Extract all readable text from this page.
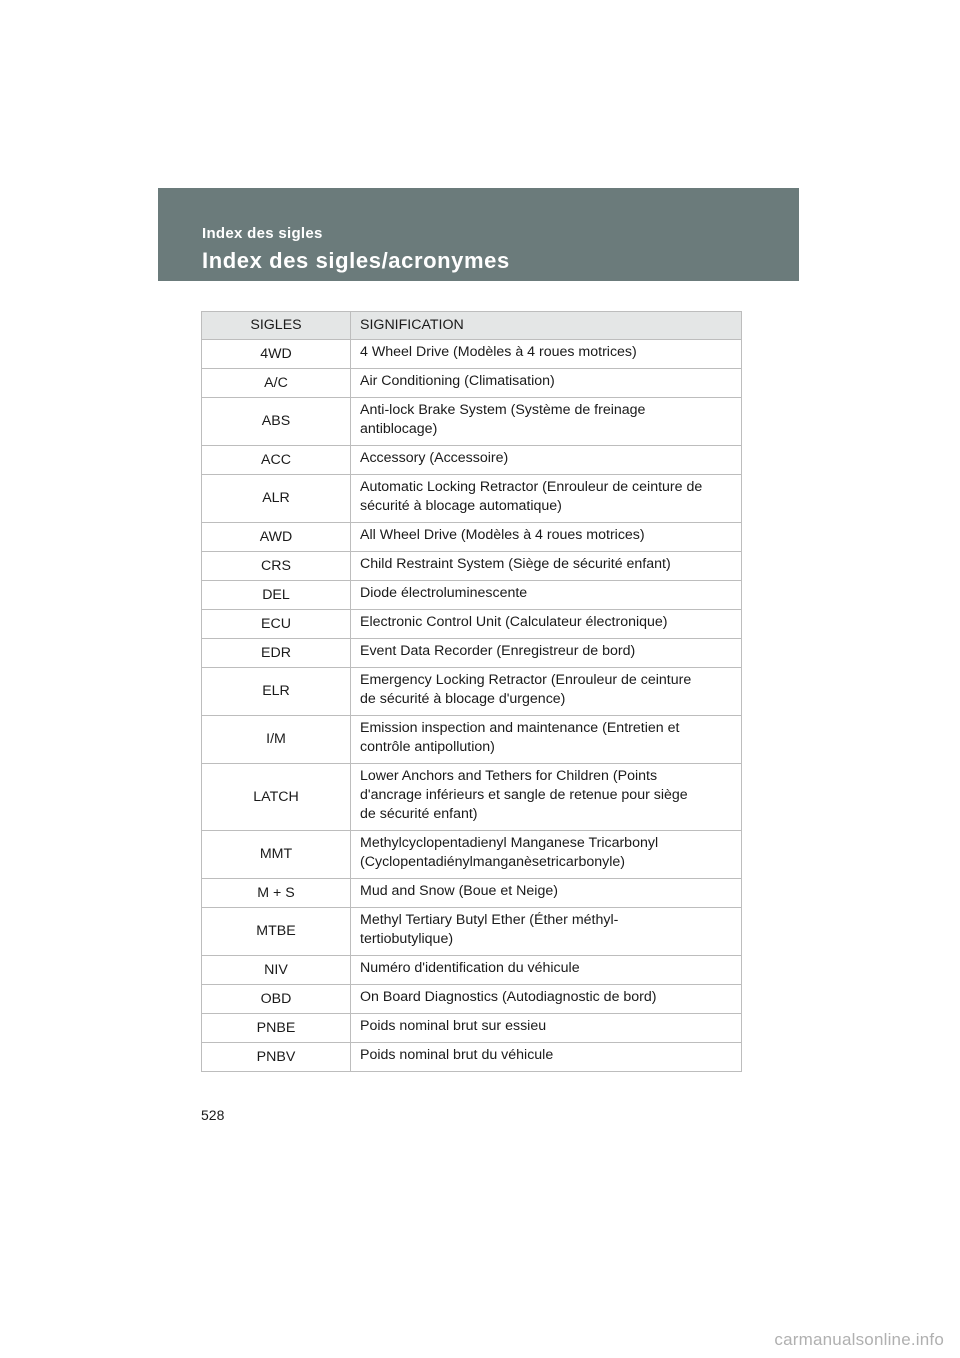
Index des sigles
Index des sigles/acronymes
SIGLES	SIGNIFICATION
4WD	4 Wheel Drive (Modèles à 4 roues motrices)
A/C	Air Conditioning (Climatisation)
ABS	Anti-lock Brake System (Système de freinage
antiblocage)
ACC	Accessory (Accessoire)
ALR	Automatic Locking Retractor (Enrouleur de ceinture de
sécurité à blocage automatique)
AWD	All Wheel Drive (Modèles à 4 roues motrices)
CRS	Child Restraint System (Siège de sécurité enfant)
DEL	Diode électroluminescente
ECU	Electronic Control Unit (Calculateur électronique)
EDR	Event Data Recorder (Enregistreur de bord)
ELR	Emergency Locking Retractor (Enrouleur de ceinture
de sécurité à blocage d'urgence)
I/M	Emission inspection and maintenance (Entretien et
contrôle antipollution)
LATCH	Lower Anchors and Tethers for Children (Points
d'ancrage inférieurs et sangle de retenue pour siège
de sécurité enfant)
MMT	Methylcyclopentadienyl Manganese Tricarbonyl
(Cyclopentadiénylmanganèsetricarbonyle)
M + S	Mud and Snow (Boue et Neige)
MTBE	Methyl Tertiary Butyl Ether (Éther méthyl-
tertiobutylique)
NIV	Numéro d'identification du véhicule
OBD	On Board Diagnostics (Autodiagnostic de bord)
PNBE	Poids nominal brut sur essieu
PNBV	Poids nominal brut du véhicule
528
carmanualsonline.info
